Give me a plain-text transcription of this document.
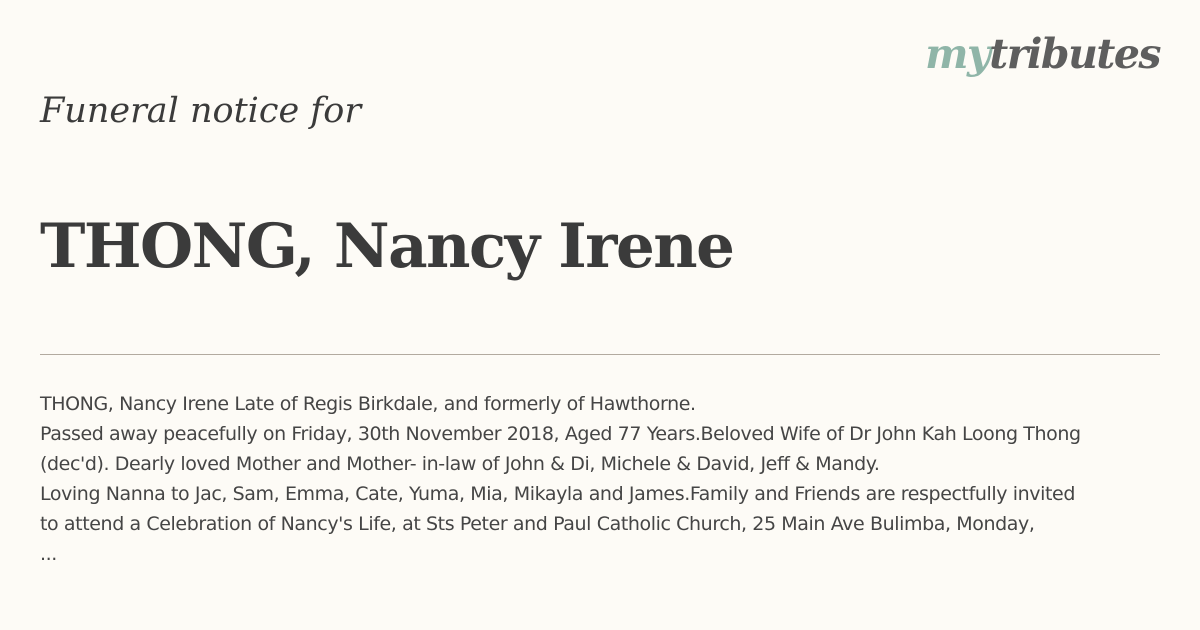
mytributes
Funeral notice for
THONG, Nancy Irene
THONG, Nancy Irene Late of Regis Birkdale, and formerly of Hawthorne.
Passed away peacefully on Friday, 30th November 2018, Aged 77 Years.Beloved Wife of Dr John Kah Loong Thong
(dec'd). Dearly loved Mother and Mother- in-law of John & Di, Michele & David, Jeff & Mandy.
Loving Nanna to Jac, Sam, Emma, Cate, Yuma, Mia, Mikayla and James.Family and Friends are respectfully invited
to attend a Celebration of Nancy's Life, at Sts Peter and Paul Catholic Church, 25 Main Ave Bulimba, Monday,
...
